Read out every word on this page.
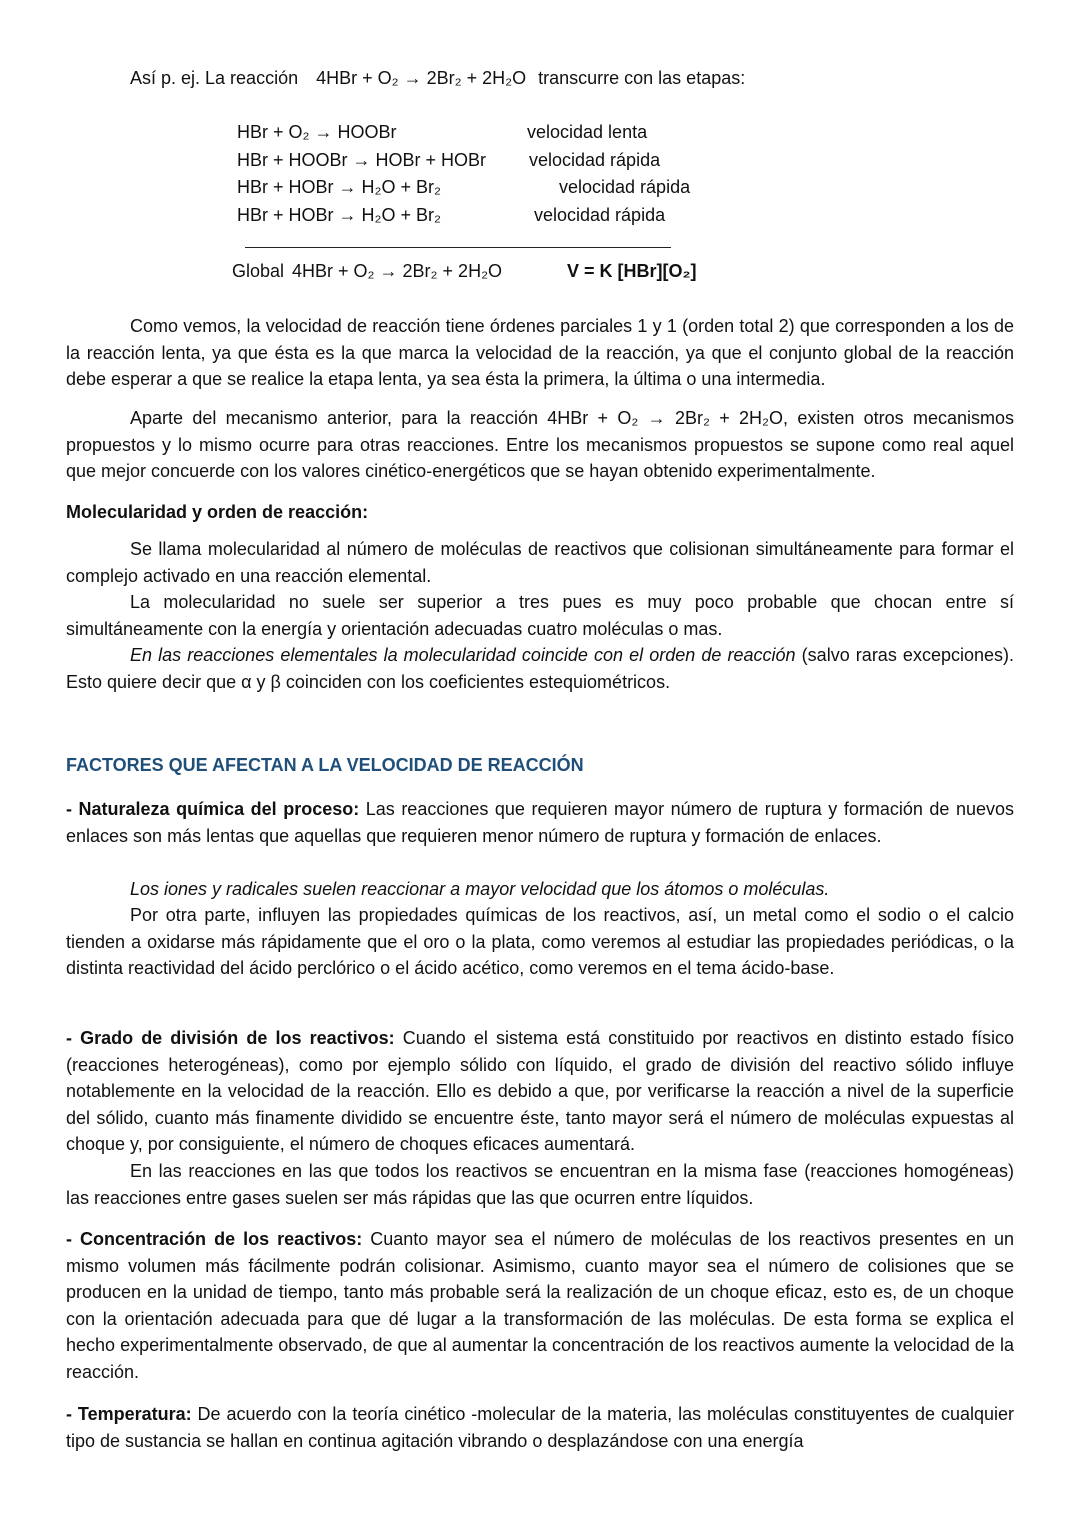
Así p. ej. La reacción 4HBr + O₂ → 2Br₂ + 2H₂O transcurre con las etapas:
HBr + O₂ → HOOBr	velocidad lenta
HBr + HOOBr → HOBr + HOBr velocidad rápida
HBr + HOBr → H₂O + Br₂	velocidad rápida
HBr + HOBr → H₂O + Br₂	velocidad rápida
Global 4HBr + O₂ → 2Br₂ + 2H₂O	V = K [HBr][O₂]

Como vemos, la velocidad de reacción tiene órdenes parciales 1 y 1 (orden total 2) que corresponden a los de la reacción lenta, ya que ésta es la que marca la velocidad de la reacción, ya que el conjunto global de la reacción debe esperar a que se realice la etapa lenta, ya sea ésta la primera, la última o una intermedia.

Aparte del mecanismo anterior, para la reacción 4HBr + O₂ → 2Br₂ + 2H₂O, existen otros mecanismos propuestos y lo mismo ocurre para otras reacciones. Entre los mecanismos propuestos se supone como real aquel que mejor concuerde con los valores cinético-energéticos que se hayan obtenido experimentalmente.

Molecularidad y orden de reacción:

Se llama molecularidad al número de moléculas de reactivos que colisionan simultáneamente para formar el complejo activado en una reacción elemental.

La molecularidad no suele ser superior a tres pues es muy poco probable que chocan entre sí simultáneamente con la energía y orientación adecuadas cuatro moléculas o mas.

En las reacciones elementales la molecularidad coincide con el orden de reacción (salvo raras excepciones). Esto quiere decir que α y β coinciden con los coeficientes estequiométricos.

FACTORES QUE AFECTAN A LA VELOCIDAD DE REACCIÓN

- Naturaleza química del proceso: Las reacciones que requieren mayor número de ruptura y formación de nuevos enlaces son más lentas que aquellas que requieren menor número de ruptura y formación de enlaces.

Los iones y radicales suelen reaccionar a mayor velocidad que los átomos o moléculas.

Por otra parte, influyen las propiedades químicas de los reactivos, así, un metal como el sodio o el calcio tienden a oxidarse más rápidamente que el oro o la plata, como veremos al estudiar las propiedades periódicas, o la distinta reactividad del ácido perclórico o el ácido acético, como veremos en el tema ácido-base.

- Grado de división de los reactivos: Cuando el sistema está constituido por reactivos en distinto estado físico (reacciones heterogéneas), como por ejemplo sólido con líquido, el grado de división del reactivo sólido influye notablemente en la velocidad de la reacción. Ello es debido a que, por verificarse la reacción a nivel de la superficie del sólido, cuanto más finamente dividido se encuentre éste, tanto mayor será el número de moléculas expuestas al choque y, por consiguiente, el número de choques eficaces aumentará.

En las reacciones en las que todos los reactivos se encuentran en la misma fase (reacciones homogéneas) las reacciones entre gases suelen ser más rápidas que las que ocurren entre líquidos.

- Concentración de los reactivos: Cuanto mayor sea el número de moléculas de los reactivos presentes en un mismo volumen más fácilmente podrán colisionar. Asimismo, cuanto mayor sea el número de colisiones que se producen en la unidad de tiempo, tanto más probable será la realización de un choque eficaz, esto es, de un choque con la orientación adecuada para que dé lugar a la transformación de las moléculas. De esta forma se explica el hecho experimentalmente observado, de que al aumentar la concentración de los reactivos aumente la velocidad de la reacción.

- Temperatura: De acuerdo con la teoría cinético -molecular de la materia, las moléculas constituyentes de cualquier tipo de sustancia se hallan en continua agitación vibrando o desplazándose con una energía
